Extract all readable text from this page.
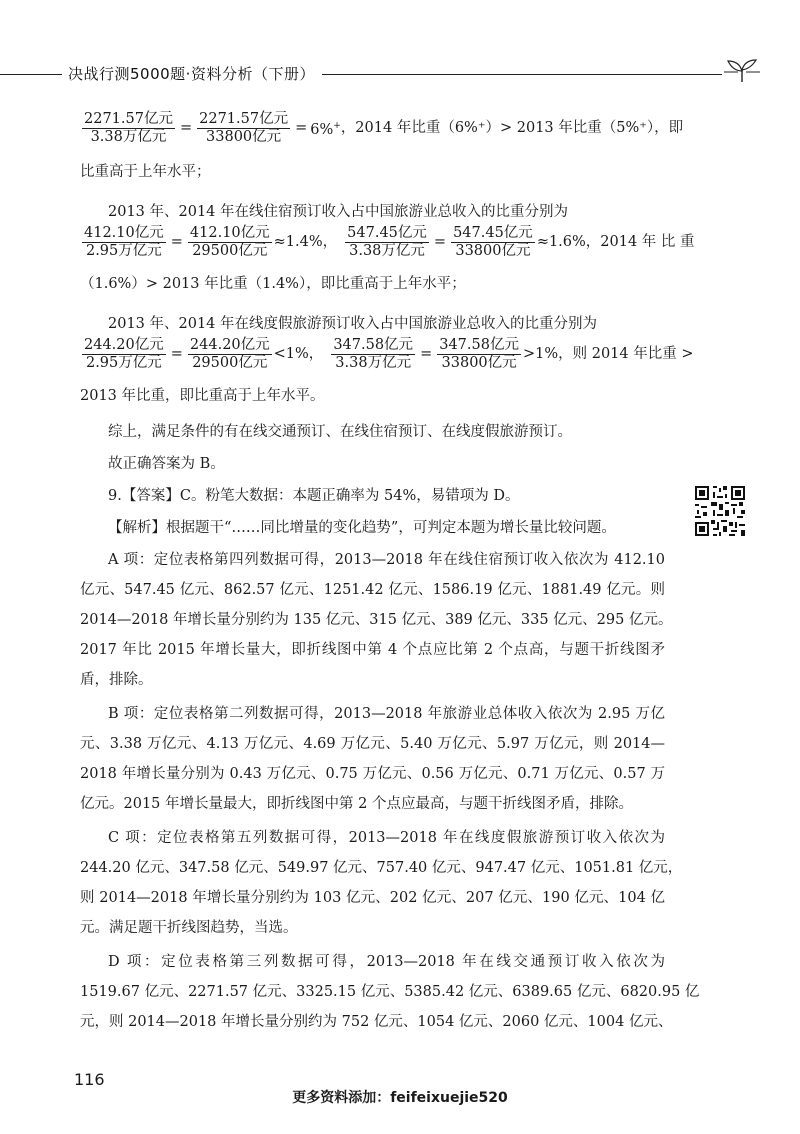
决战行测5000题·资料分析（下册）
$\frac{\text{2271.57亿元}}{\text{3.38万亿元}} = \frac{\text{2271.57亿元}}{\text{33800亿元}} = 6\%^+$ ，2014 年比重（6%⁺）> 2013 年比重（5%⁺），即
比重高于上年水平；
2013 年、2014 年在线住宿预订收入占中国旅游业总收入的比重分别为
$\frac{\text{412.10亿元}}{\text{2.95万亿元}} = \frac{\text{412.10亿元}}{\text{29500亿元}} \approx 1.4\%$， $\frac{\text{547.45亿元}}{\text{3.38万亿元}} = \frac{\text{547.45亿元}}{\text{33800亿元}} \approx 1.6\%$，2014 年 比 重
（1.6%）> 2013 年比重（1.4%），即比重高于上年水平；
2013 年、2014 年在线度假旅游预订收入占中国旅游业总收入的比重分别为
$\frac{\text{244.20亿元}}{\text{2.95万亿元}} = \frac{\text{244.20亿元}}{\text{29500亿元}} <1\%$， $\frac{\text{347.58亿元}}{\text{3.38万亿元}} = \frac{\text{347.58亿元}}{\text{33800亿元}} >1\%$，则 2014 年比重 >
2013 年比重，即比重高于上年水平。
综上，满足条件的有在线交通预订、在线住宿预订、在线度假旅游预订。
故正确答案为 B。
9.【答案】C。粉笔大数据：本题正确率为 54%，易错项为 D。
【解析】根据题干“……同比增量的变化趋势”，可判定本题为增长量比较问题。
A 项：定位表格第四列数据可得，2013—2018 年在线住宿预订收入依次为 412.10
亿元、547.45 亿元、862.57 亿元、1251.42 亿元、1586.19 亿元、1881.49 亿元。则
2014—2018 年增长量分别约为 135 亿元、315 亿元、389 亿元、335 亿元、295 亿元。
2017 年比 2015 年增长量大，即折线图中第 4 个点应比第 2 个点高，与题干折线图矛
盾，排除。
B 项：定位表格第二列数据可得，2013—2018 年旅游业总体收入依次为 2.95 万亿
元、3.38 万亿元、4.13 万亿元、4.69 万亿元、5.40 万亿元、5.97 万亿元，则 2014—
2018 年增长量分别为 0.43 万亿元、0.75 万亿元、0.56 万亿元、0.71 万亿元、0.57 万
亿元。2015 年增长量最大，即折线图中第 2 个点应最高，与题干折线图矛盾，排除。
C 项：定位表格第五列数据可得，2013—2018 年在线度假旅游预订收入依次为
244.20 亿元、347.58 亿元、549.97 亿元、757.40 亿元、947.47 亿元、1051.81 亿元，
则 2014—2018 年增长量分别约为 103 亿元、202 亿元、207 亿元、190 亿元、104 亿
元。满足题干折线图趋势，当选。
D 项：定位表格第三列数据可得，2013—2018 年在线交通预订收入依次为
1519.67 亿元、2271.57 亿元、3325.15 亿元、5385.42 亿元、6389.65 亿元、6820.95 亿
元，则 2014—2018 年增长量分别约为 752 亿元、1054 亿元、2060 亿元、1004 亿元、
116
更多资料添加：feifeixuejie520
